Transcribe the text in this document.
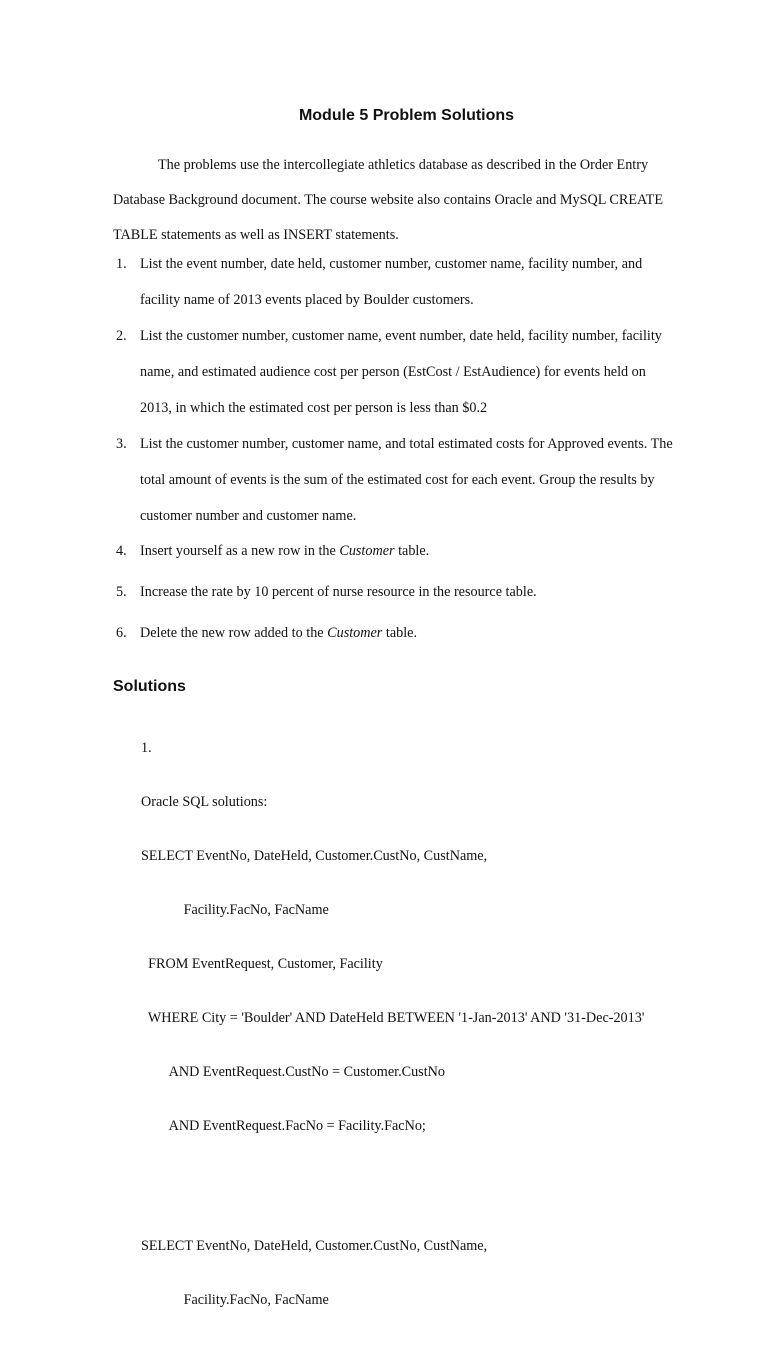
Module 5 Problem Solutions
The problems use the intercollegiate athletics database as described in the Order Entry
Database Background document. The course website also contains Oracle and MySQL CREATE
TABLE statements as well as INSERT statements.
1. List the event number, date held, customer number, customer name, facility number, and
facility name of 2013 events placed by Boulder customers.
2. List the customer number, customer name, event number, date held, facility number, facility
name, and estimated audience cost per person (EstCost / EstAudience) for events held on
2013, in which the estimated cost per person is less than $0.2
3. List the customer number, customer name, and total estimated costs for Approved events. The
total amount of events is the sum of the estimated cost for each event. Group the results by
customer number and customer name.
4. Insert yourself as a new row in the Customer table.
5. Increase the rate by 10 percent of nurse resource in the resource table.
6. Delete the new row added to the Customer table.
Solutions

1.

Oracle SQL solutions:

SELECT EventNo, DateHeld, Customer.CustNo, CustName,

Facility.FacNo, FacName

FROM EventRequest, Customer, Facility

WHERE City = 'Boulder' AND DateHeld BETWEEN '1-Jan-2013' AND '31-Dec-2013'

AND EventRequest.CustNo = Customer.CustNo

AND EventRequest.FacNo = Facility.FacNo;

SELECT EventNo, DateHeld, Customer.CustNo, CustName,

Facility.FacNo, FacName
